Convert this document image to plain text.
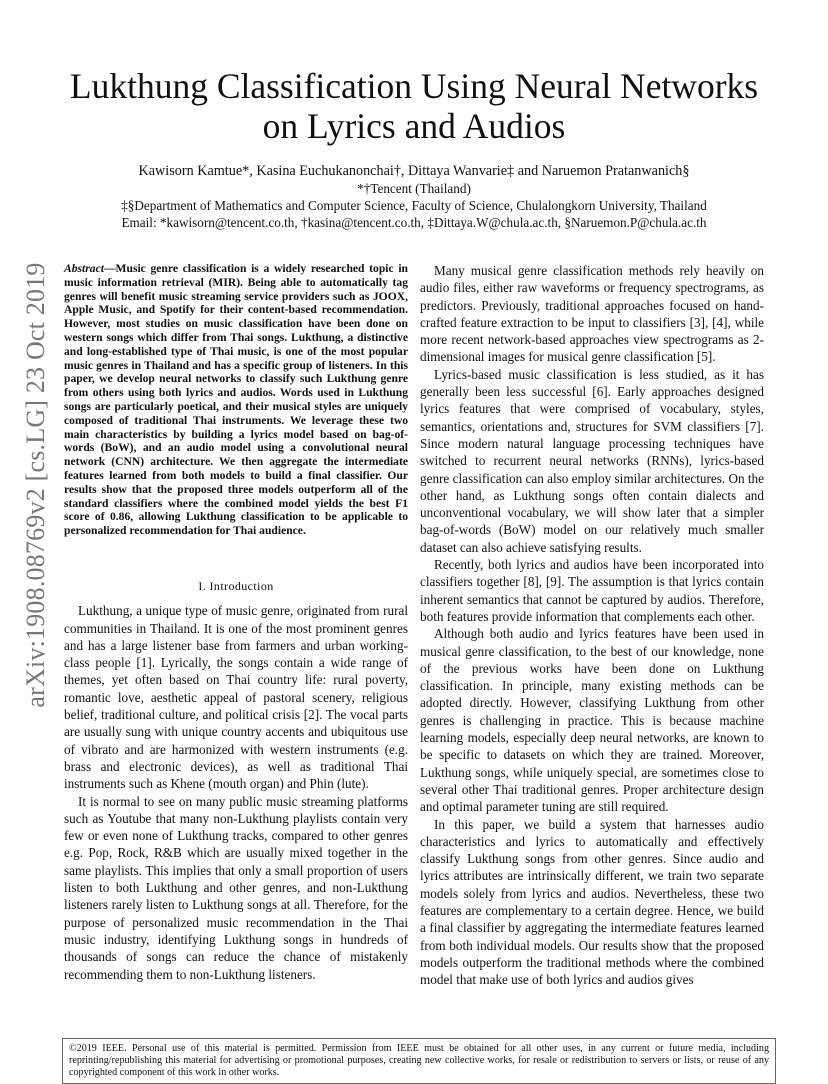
arXiv:1908.08769v2 [cs.LG] 23 Oct 2019
Lukthung Classification Using Neural Networks on Lyrics and Audios
Kawisorn Kamtue*, Kasina Euchukanonchai†, Dittaya Wanvarie‡ and Naruemon Pratanwanich§
*†Tencent (Thailand)
‡§Department of Mathematics and Computer Science, Faculty of Science, Chulalongkorn University, Thailand
Email: *kawisorn@tencent.co.th, †kasina@tencent.co.th, ‡Dittaya.W@chula.ac.th, §Naruemon.P@chula.ac.th
Abstract—Music genre classification is a widely researched topic in music information retrieval (MIR). Being able to automatically tag genres will benefit music streaming service providers such as JOOX, Apple Music, and Spotify for their content-based recommendation. However, most studies on music classification have been done on western songs which differ from Thai songs. Lukthung, a distinctive and long-established type of Thai music, is one of the most popular music genres in Thailand and has a specific group of listeners. In this paper, we develop neural networks to classify such Lukthung genre from others using both lyrics and audios. Words used in Lukthung songs are particularly poetical, and their musical styles are uniquely composed of traditional Thai instruments. We leverage these two main characteristics by building a lyrics model based on bag-of-words (BoW), and an audio model using a convolutional neural network (CNN) architecture. We then aggregate the intermediate features learned from both models to build a final classifier. Our results show that the proposed three models outperform all of the standard classifiers where the combined model yields the best F1 score of 0.86, allowing Lukthung classification to be applicable to personalized recommendation for Thai audience.
I. Introduction

Lukthung, a unique type of music genre, originated from rural communities in Thailand. It is one of the most prominent genres and has a large listener base from farmers and urban working-class people [1]. Lyrically, the songs contain a wide range of themes, yet often based on Thai country life: rural poverty, romantic love, aesthetic appeal of pastoral scenery, religious belief, traditional culture, and political crisis [2]. The vocal parts are usually sung with unique country accents and ubiquitous use of vibrato and are harmonized with western instruments (e.g. brass and electronic devices), as well as traditional Thai instruments such as Khene (mouth organ) and Phin (lute).

It is normal to see on many public music streaming platforms such as Youtube that many non-Lukthung playlists contain very few or even none of Lukthung tracks, compared to other genres e.g. Pop, Rock, R&B which are usually mixed together in the same playlists. This implies that only a small proportion of users listen to both Lukthung and other genres, and non-Lukthung listeners rarely listen to Lukthung songs at all. Therefore, for the purpose of personalized music recommendation in the Thai music industry, identifying Lukthung songs in hundreds of thousands of songs can reduce the chance of mistakenly recommending them to non-Lukthung listeners.

Many musical genre classification methods rely heavily on audio files, either raw waveforms or frequency spectrograms, as predictors. Previously, traditional approaches focused on hand-crafted feature extraction to be input to classifiers [3], [4], while more recent network-based approaches view spectrograms as 2-dimensional images for musical genre classification [5].

Lyrics-based music classification is less studied, as it has generally been less successful [6]. Early approaches designed lyrics features that were comprised of vocabulary, styles, semantics, orientations and, structures for SVM classifiers [7]. Since modern natural language processing techniques have switched to recurrent neural networks (RNNs), lyrics-based genre classification can also employ similar architectures. On the other hand, as Lukthung songs often contain dialects and unconventional vocabulary, we will show later that a simpler bag-of-words (BoW) model on our relatively much smaller dataset can also achieve satisfying results.

Recently, both lyrics and audios have been incorporated into classifiers together [8], [9]. The assumption is that lyrics contain inherent semantics that cannot be captured by audios. Therefore, both features provide information that complements each other.

Although both audio and lyrics features have been used in musical genre classification, to the best of our knowledge, none of the previous works have been done on Lukthung classification. In principle, many existing methods can be adopted directly. However, classifying Lukthung from other genres is challenging in practice. This is because machine learning models, especially deep neural networks, are known to be specific to datasets on which they are trained. Moreover, Lukthung songs, while uniquely special, are sometimes close to several other Thai traditional genres. Proper architecture design and optimal parameter tuning are still required.

In this paper, we build a system that harnesses audio characteristics and lyrics to automatically and effectively classify Lukthung songs from other genres. Since audio and lyrics attributes are intrinsically different, we train two separate models solely from lyrics and audios. Nevertheless, these two features are complementary to a certain degree. Hence, we build a final classifier by aggregating the intermediate features learned from both individual models. Our results show that the proposed models outperform the traditional methods where the combined model that make use of both lyrics and audios gives

©2019 IEEE. Personal use of this material is permitted. Permission from IEEE must be obtained for all other uses, in any current or future media, including reprinting/republishing this material for advertising or promotional purposes, creating new collective works, for resale or redistribution to servers or lists, or reuse of any copyrighted component of this work in other works.
